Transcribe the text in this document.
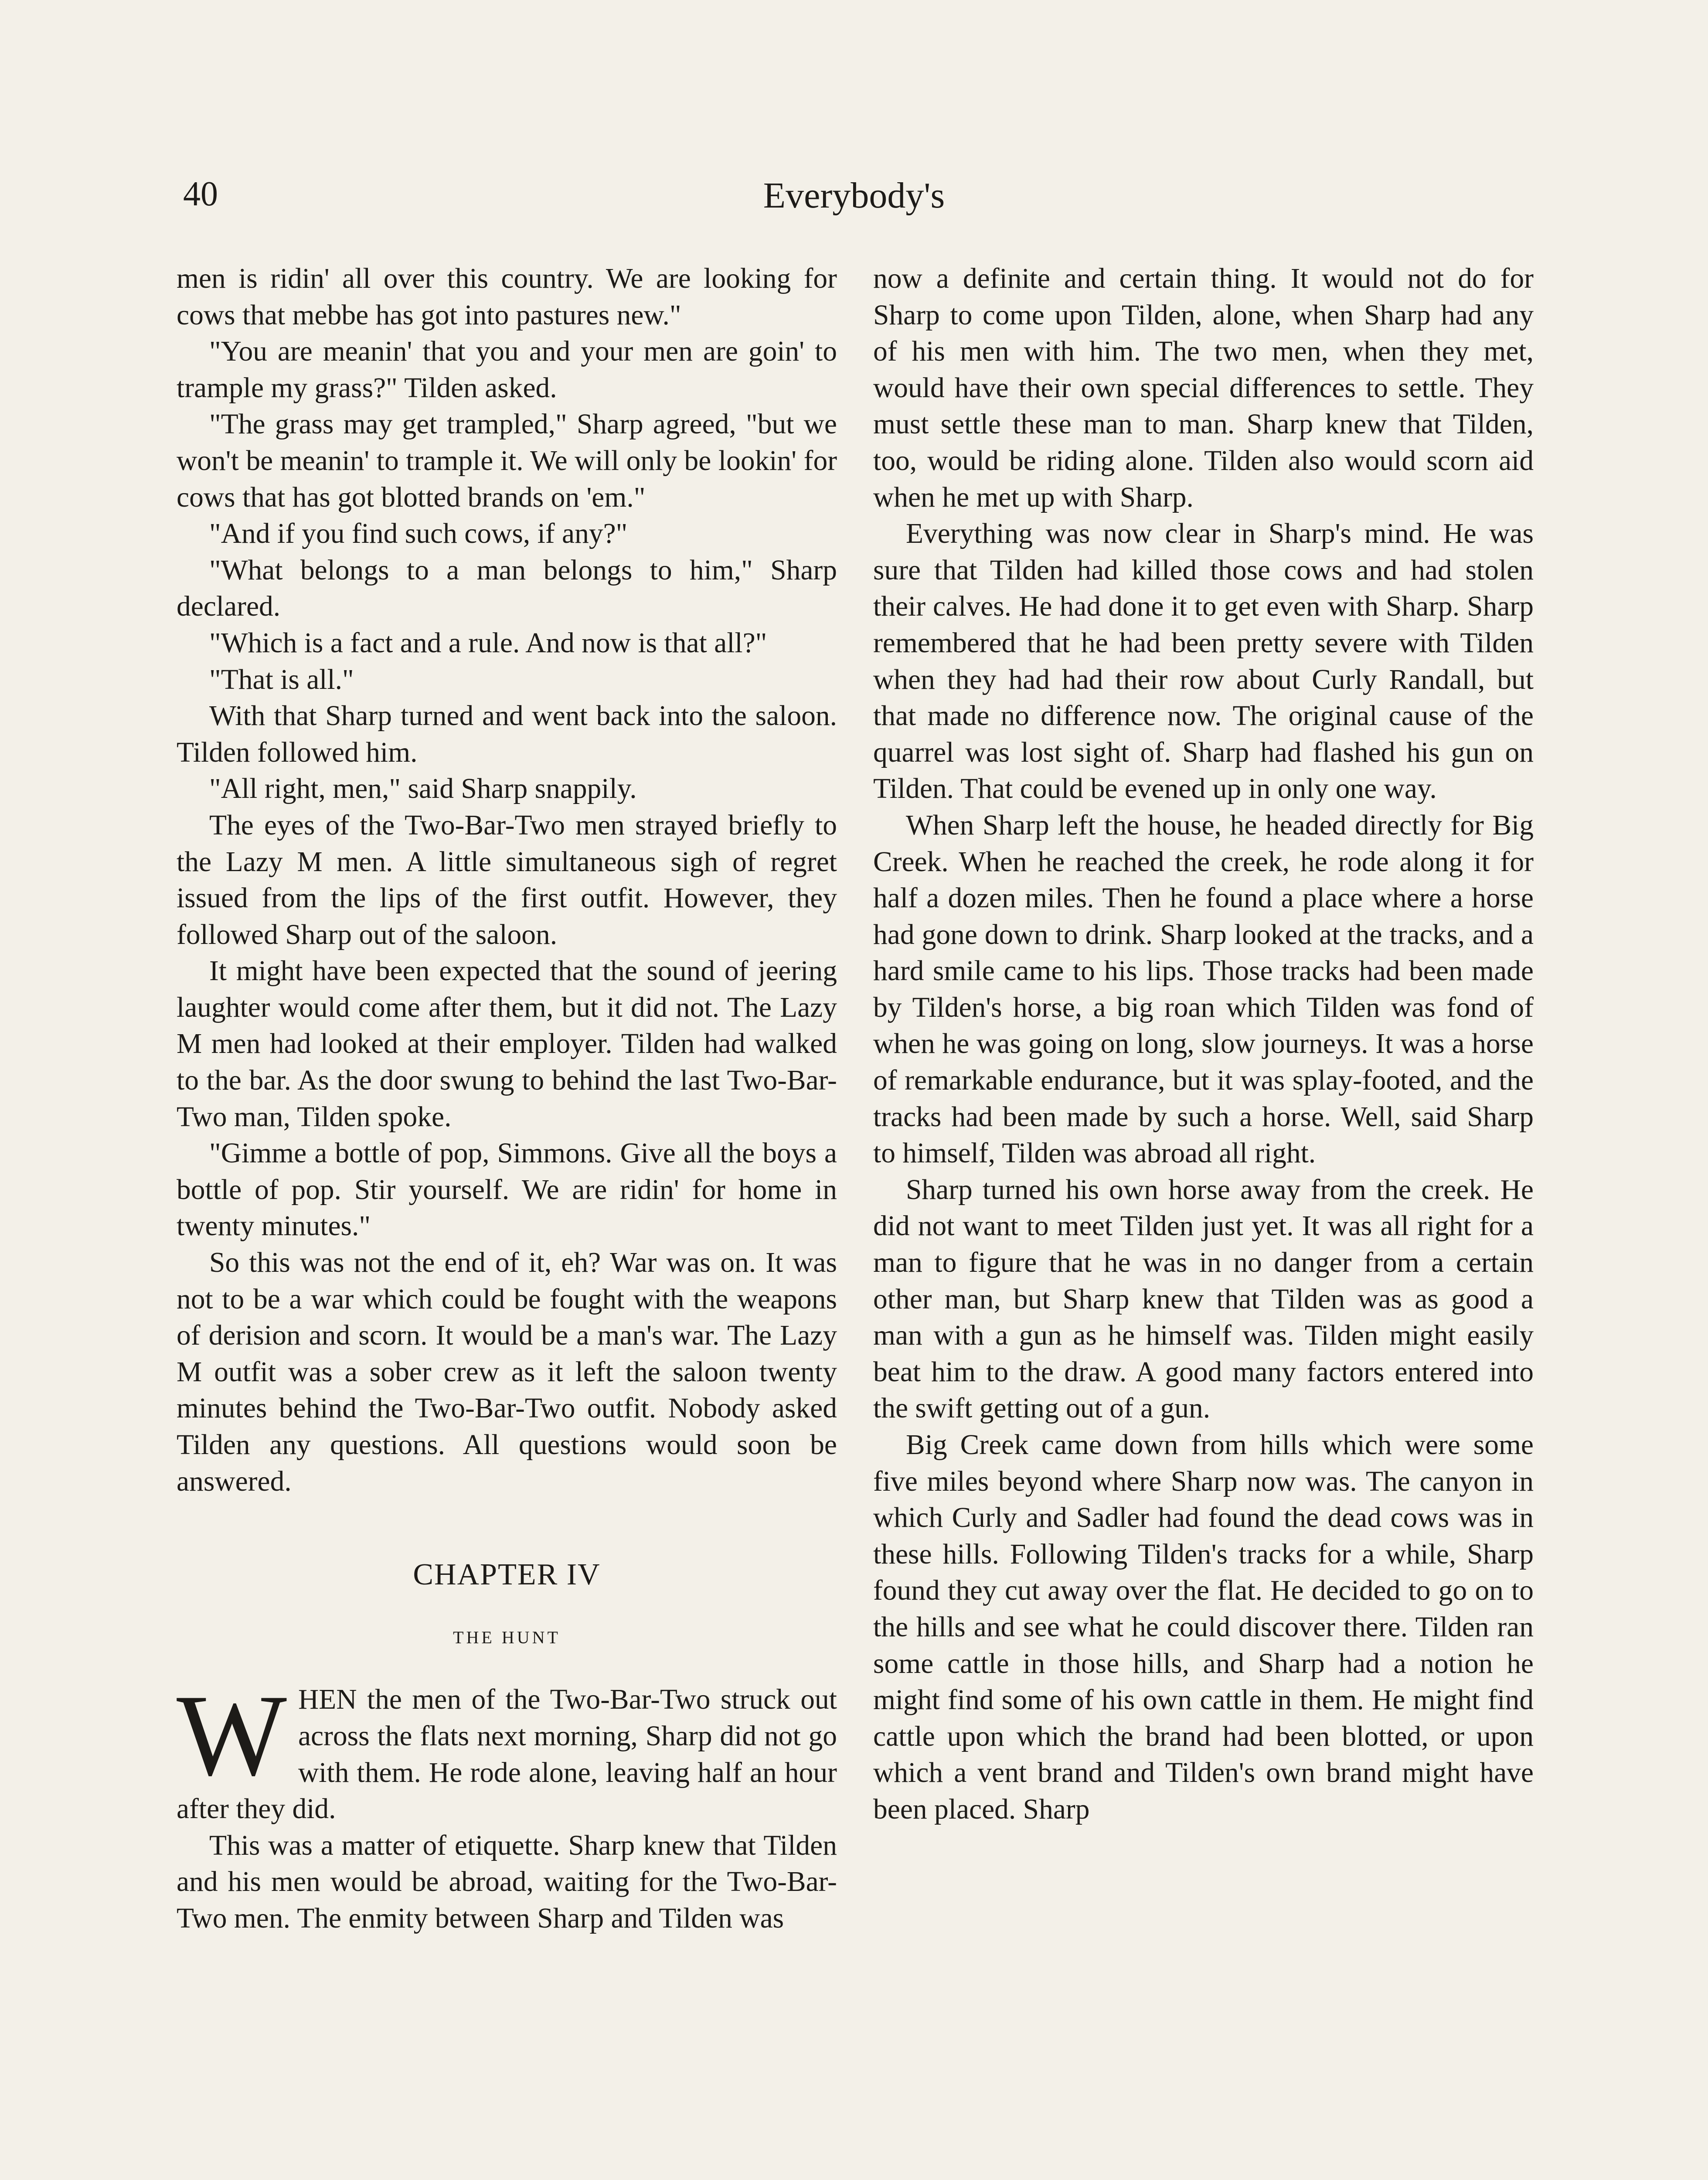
40	Everybody's

men is ridin' all over this country. We are looking for cows that mebbe has got into pastures new."

"You are meanin' that you and your men are goin' to trample my grass?" Tilden asked.

"The grass may get trampled," Sharp agreed, "but we won't be meanin' to trample it. We will only be lookin' for cows that has got blotted brands on 'em."

"And if you find such cows, if any?"

"What belongs to a man belongs to him," Sharp declared.

"Which is a fact and a rule. And now is that all?"

"That is all."

With that Sharp turned and went back into the saloon. Tilden followed him.

"All right, men," said Sharp snappily.

The eyes of the Two-Bar-Two men strayed briefly to the Lazy M men. A little simultaneous sigh of regret issued from the lips of the first outfit. However, they followed Sharp out of the saloon.

It might have been expected that the sound of jeering laughter would come after them, but it did not. The Lazy M men had looked at their employer. Tilden had walked to the bar. As the door swung to behind the last Two-Bar-Two man, Tilden spoke.

"Gimme a bottle of pop, Simmons. Give all the boys a bottle of pop. Stir yourself. We are ridin' for home in twenty minutes."

So this was not the end of it, eh? War was on. It was not to be a war which could be fought with the weapons of derision and scorn. It would be a man's war. The Lazy M outfit was a sober crew as it left the saloon twenty minutes behind the Two-Bar-Two outfit. Nobody asked Tilden any questions. All questions would soon be answered.

CHAPTER IV
THE HUNT

WHEN the men of the Two-Bar-Two struck out across the flats next morning, Sharp did not go with them. He rode alone, leaving half an hour after they did.

This was a matter of etiquette. Sharp knew that Tilden and his men would be abroad, waiting for the Two-Bar-Two men. The enmity between Sharp and Tilden was

now a definite and certain thing. It would not do for Sharp to come upon Tilden, alone, when Sharp had any of his men with him. The two men, when they met, would have their own special differences to settle. They must settle these man to man. Sharp knew that Tilden, too, would be riding alone. Tilden also would scorn aid when he met up with Sharp.

Everything was now clear in Sharp's mind. He was sure that Tilden had killed those cows and had stolen their calves. He had done it to get even with Sharp. Sharp remembered that he had been pretty severe with Tilden when they had had their row about Curly Randall, but that made no difference now. The original cause of the quarrel was lost sight of. Sharp had flashed his gun on Tilden. That could be evened up in only one way.

When Sharp left the house, he headed directly for Big Creek. When he reached the creek, he rode along it for half a dozen miles. Then he found a place where a horse had gone down to drink. Sharp looked at the tracks, and a hard smile came to his lips. Those tracks had been made by Tilden's horse, a big roan which Tilden was fond of when he was going on long, slow journeys. It was a horse of remarkable endurance, but it was splay-footed, and the tracks had been made by such a horse. Well, said Sharp to himself, Tilden was abroad all right.

Sharp turned his own horse away from the creek. He did not want to meet Tilden just yet. It was all right for a man to figure that he was in no danger from a certain other man, but Sharp knew that Tilden was as good a man with a gun as he himself was. Tilden might easily beat him to the draw. A good many factors entered into the swift getting out of a gun.

Big Creek came down from hills which were some five miles beyond where Sharp now was. The canyon in which Curly and Sadler had found the dead cows was in these hills. Following Tilden's tracks for a while, Sharp found they cut away over the flat. He decided to go on to the hills and see what he could discover there. Tilden ran some cattle in those hills, and Sharp had a notion he might find some of his own cattle in them. He might find cattle upon which the brand had been blotted, or upon which a vent brand and Tilden's own brand might have been placed. Sharp
